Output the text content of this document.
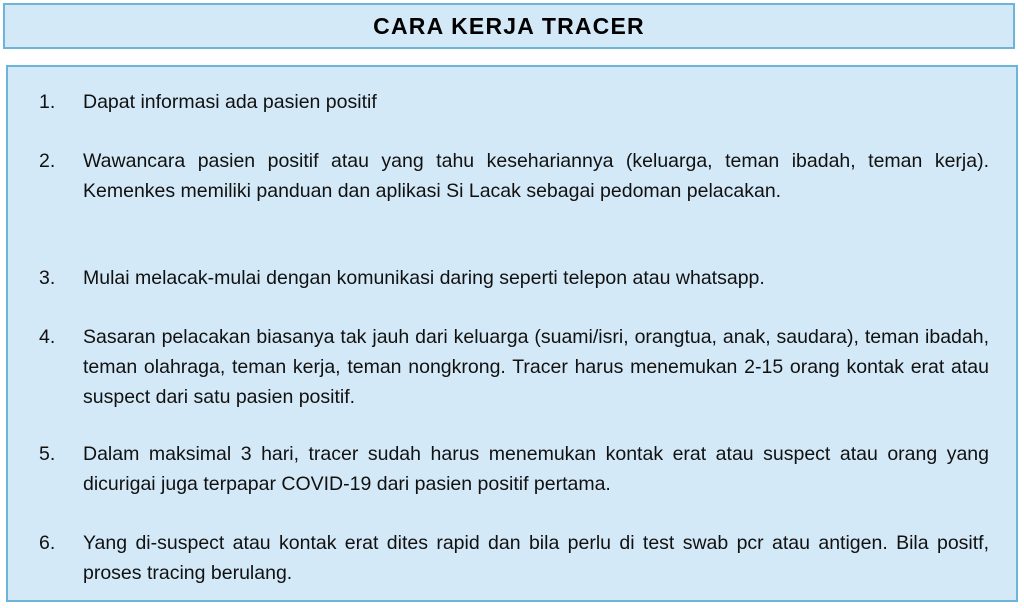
CARA KERJA TRACER
1. Dapat informasi ada pasien positif
2. Wawancara pasien positif atau yang tahu kesehariannya (keluarga, teman ibadah, teman kerja). Kemenkes memiliki panduan dan aplikasi Si Lacak sebagai pedoman pelacakan.
3. Mulai melacak-mulai dengan komunikasi daring seperti telepon atau whatsapp.
4. Sasaran pelacakan biasanya tak jauh dari keluarga (suami/isri, orangtua, anak, saudara), teman ibadah, teman olahraga, teman kerja, teman nongkrong. Tracer harus menemukan 2-15 orang kontak erat atau suspect dari satu pasien positif.
5. Dalam maksimal 3 hari, tracer sudah harus menemukan kontak erat atau suspect atau orang yang dicurigai juga terpapar COVID-19 dari pasien positif pertama.
6. Yang di-suspect atau kontak erat dites rapid dan bila perlu di test swab pcr atau antigen. Bila positf, proses tracing berulang.
